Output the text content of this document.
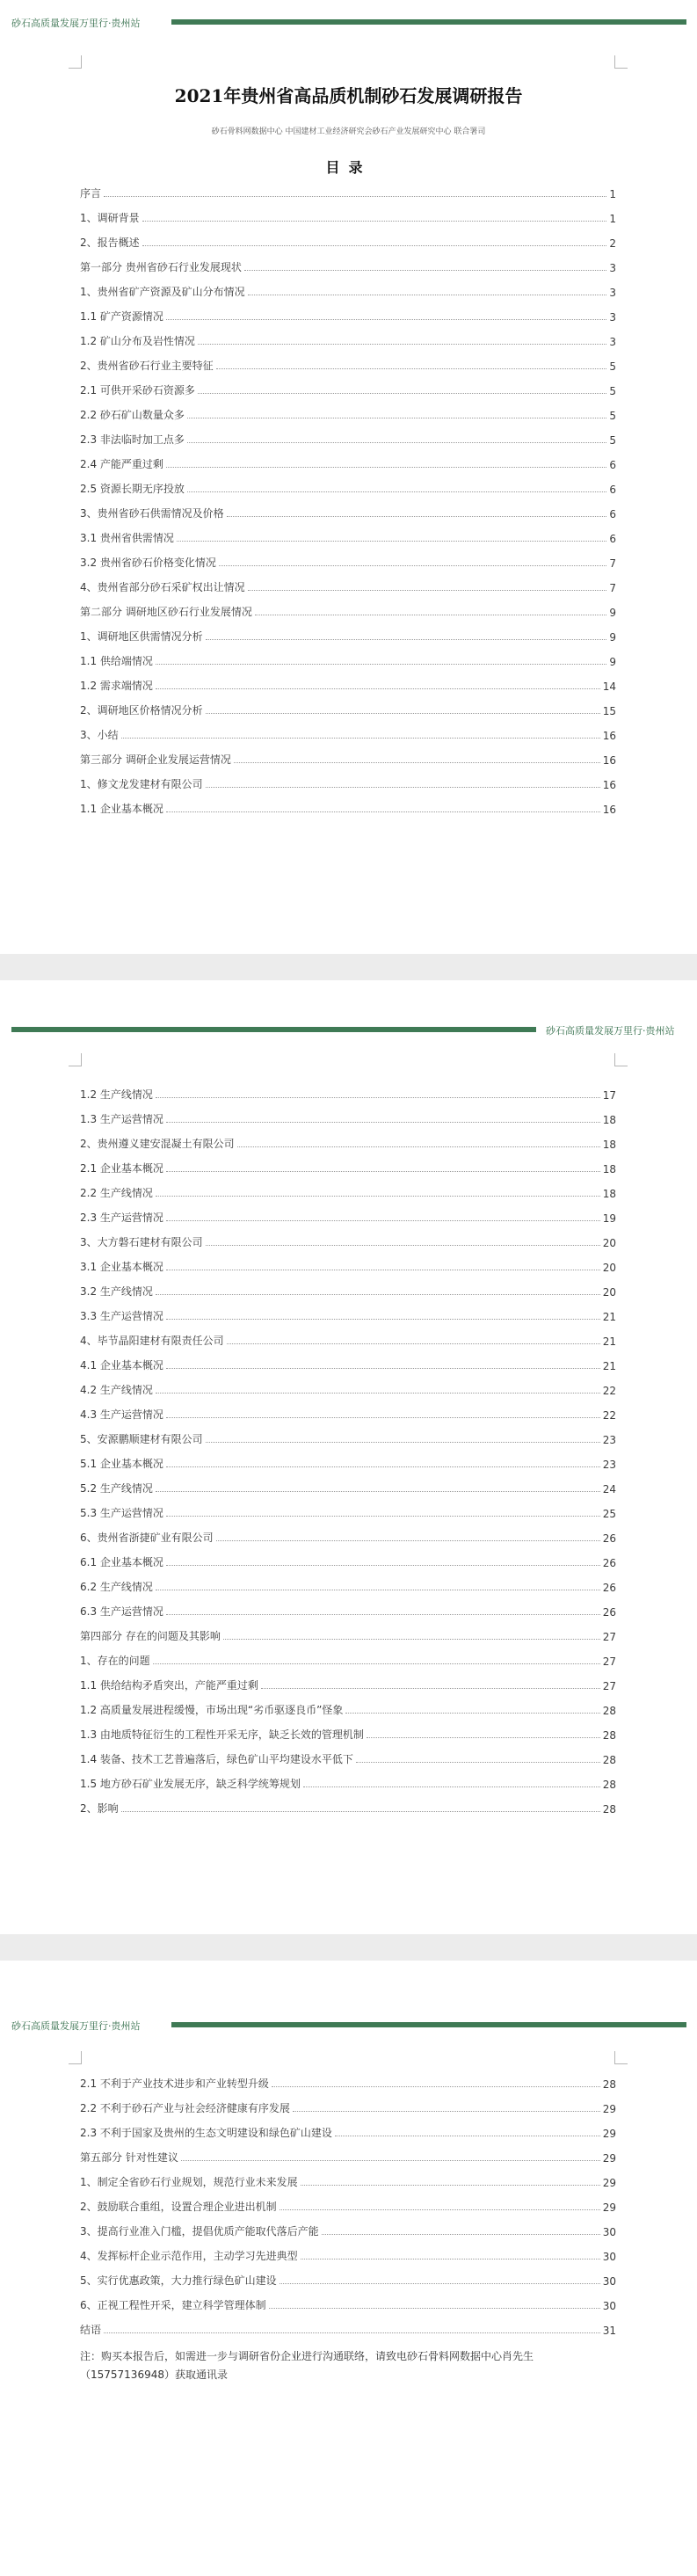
砂石高质量发展万里行·贵州站
2021年贵州省高品质机制砂石发展调研报告
砂石骨料网数据中心 中国建材工业经济研究会砂石产业发展研究中心 联合署司
目录
序言	1
1、调研背景	1
2、报告概述	2
第一部分 贵州省砂石行业发展现状	3
1、贵州省矿产资源及矿山分布情况	3
1.1 矿产资源情况	3
1.2 矿山分布及岩性情况	3
2、贵州省砂石行业主要特征	5
2.1 可供开采砂石资源多	5
2.2 砂石矿山数量众多	5
2.3 非法临时加工点多	5
2.4 产能严重过剩	6
2.5 资源长期无序投放	6
3、贵州省砂石供需情况及价格	6
3.1 贵州省供需情况	6
3.2 贵州省砂石价格变化情况	7
4、贵州省部分砂石采矿权出让情况	7
第二部分 调研地区砂石行业发展情况	9
1、调研地区供需情况分析	9
1.1 供给端情况	9
1.2 需求端情况	14
2、调研地区价格情况分析	15
3、小结	16
第三部分 调研企业发展运营情况	16
1、修文龙发建材有限公司	16
1.1 企业基本概况	16
砂石高质量发展万里行·贵州站
1.2 生产线情况	17
1.3 生产运营情况	18
2、贵州遵义建安混凝土有限公司	18
2.1 企业基本概况	18
2.2 生产线情况	18
2.3 生产运营情况	19
3、大方磐石建材有限公司	20
3.1 企业基本概况	20
3.2 生产线情况	20
3.3 生产运营情况	21
4、毕节晶阳建材有限责任公司	21
4.1 企业基本概况	21
4.2 生产线情况	22
4.3 生产运营情况	22
5、安源鹏顺建材有限公司	23
5.1 企业基本概况	23
5.2 生产线情况	24
5.3 生产运营情况	25
6、贵州省浙捷矿业有限公司	26
6.1 企业基本概况	26
6.2 生产线情况	26
6.3 生产运营情况	26
第四部分 存在的问题及其影响	27
1、存在的问题	27
1.1 供给结构矛盾突出，产能严重过剩	27
1.2 高质量发展进程缓慢，市场出现“劣币驱逐良币”怪象	28
1.3 由地质特征衍生的工程性开采无序，缺乏长效的管理机制	28
1.4 装备、技术工艺普遍落后，绿色矿山平均建设水平低下	28
1.5 地方砂石矿业发展无序，缺乏科学统筹规划	28
2、影响	28
砂石高质量发展万里行·贵州站
2.1 不利于产业技术进步和产业转型升级	28
2.2 不利于砂石产业与社会经济健康有序发展	29
2.3 不利于国家及贵州的生态文明建设和绿色矿山建设	29
第五部分 针对性建议	29
1、制定全省砂石行业规划，规范行业未来发展	29
2、鼓励联合重组，设置合理企业进出机制	29
3、提高行业准入门槛，提倡优质产能取代落后产能	30
4、发挥标杆企业示范作用，主动学习先进典型	30
5、实行优惠政策，大力推行绿色矿山建设	30
6、正视工程性开采，建立科学管理体制	30
结语	31
注：购买本报告后，如需进一步与调研省份企业进行沟通联络，请致电砂石骨料网数据中心肖先生（15757136948）获取通讯录
